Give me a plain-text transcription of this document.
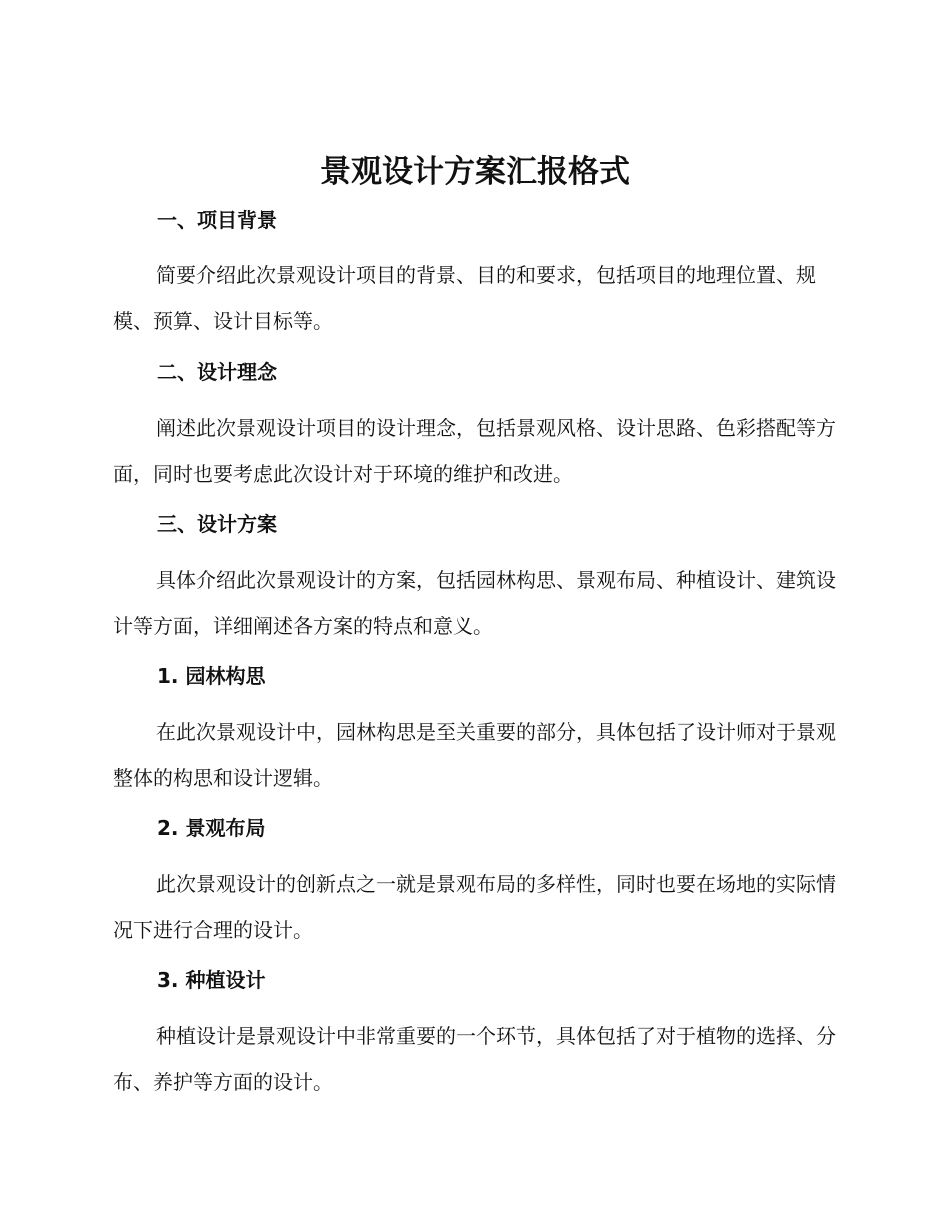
景观设计方案汇报格式
一、项目背景

简要介绍此次景观设计项目的背景、目的和要求，包括项目的地理位置、规模、预算、设计目标等。

二、设计理念

阐述此次景观设计项目的设计理念，包括景观风格、设计思路、色彩搭配等方面，同时也要考虑此次设计对于环境的维护和改进。

三、设计方案

具体介绍此次景观设计的方案，包括园林构思、景观布局、种植设计、建筑设计等方面，详细阐述各方案的特点和意义。

1. 园林构思

在此次景观设计中，园林构思是至关重要的部分，具体包括了设计师对于景观整体的构思和设计逻辑。

2. 景观布局

此次景观设计的创新点之一就是景观布局的多样性，同时也要在场地的实际情况下进行合理的设计。

3. 种植设计

种植设计是景观设计中非常重要的一个环节，具体包括了对于植物的选择、分布、养护等方面的设计。
